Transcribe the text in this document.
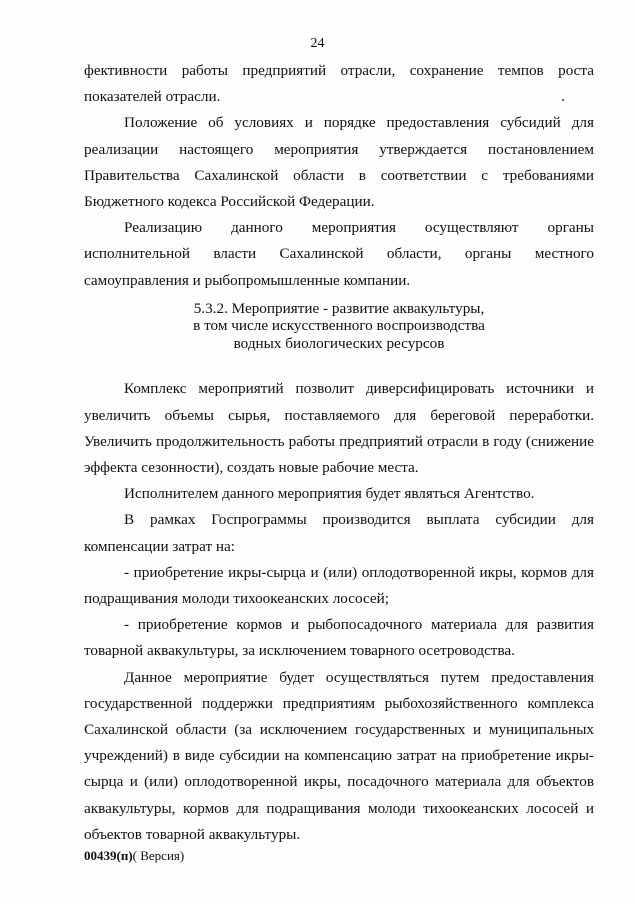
24

фективности работы предприятий отрасли, сохранение темпов роста показателей отрасли.

Положение об условиях и порядке предоставления субсидий для реализации настоящего мероприятия утверждается постановлением Правительства Сахалинской области в соответствии с требованиями Бюджетного кодекса Российской Федерации.

Реализацию данного мероприятия осуществляют органы исполнительной власти Сахалинской области, органы местного самоуправления и рыбопромышленные компании.

5.3.2. Мероприятие - развитие аквакультуры,
в том числе искусственного воспроизводства
водных биологических ресурсов

Комплекс мероприятий позволит диверсифицировать источники и увеличить объемы сырья, поставляемого для береговой переработки. Увеличить продолжительность работы предприятий отрасли в году (снижение эффекта сезонности), создать новые рабочие места.

Исполнителем данного мероприятия будет являться Агентство.

В рамках Госпрограммы производится выплата субсидии для компенсации затрат на:

- приобретение икры-сырца и (или) оплодотворенной икры, кормов для подращивания молоди тихоокеанских лососей;

- приобретение кормов и рыбопосадочного материала для развития товарной аквакультуры, за исключением товарного осетроводства.

Данное мероприятие будет осуществляться путем предоставления государственной поддержки предприятиям рыбохозяйственного комплекса Сахалинской области (за исключением государственных и муниципальных учреждений) в виде субсидии на компенсацию затрат на приобретение икры-сырца и (или) оплодотворенной икры, посадочного материала для объектов аквакультуры, кормов для подращивания молоди тихоокеанских лососей и объектов товарной аквакультуры.

00439(п)( Версия)
